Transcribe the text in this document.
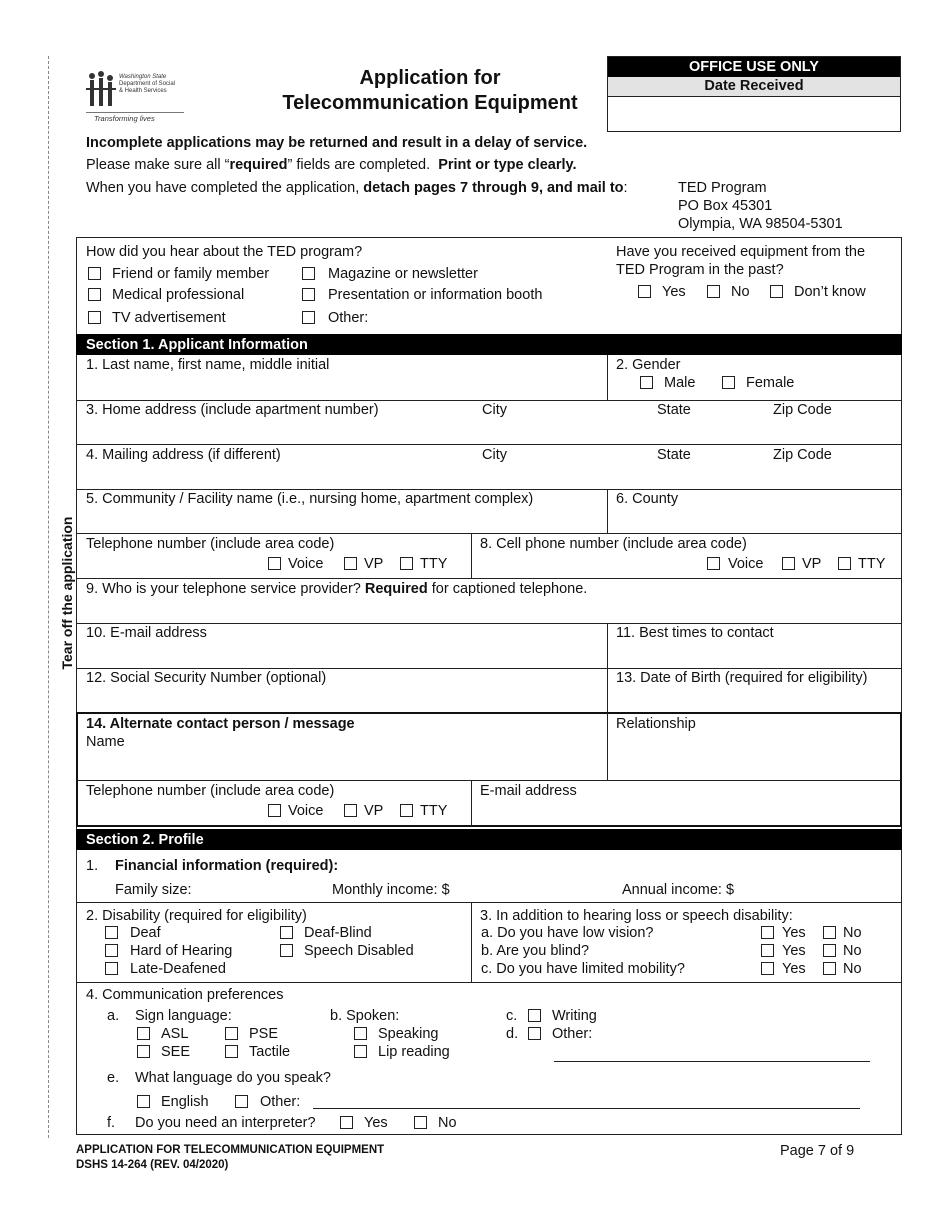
Tear off the application
Washington State
Department of Social
& Health Services
Transforming lives
Application for
Telecommunication Equipment
OFFICE USE ONLY
Date Received
Incomplete applications may be returned and result in a delay of service.
Please make sure all “required” fields are completed. Print or type clearly.
When you have completed the application, detach pages 7 through 9, and mail to:	TED Program
PO Box 45301
Olympia, WA 98504-5301
How did you hear about the TED program?
Friend or family member	Magazine or newsletter
Medical professional	Presentation or information booth
TV advertisement	Other:
Have you received equipment from the
TED Program in the past?
Yes	No	Don’t know
Section 1. Applicant Information
1. Last name, first name, middle initial	2. Gender
Male	Female
3. Home address (include apartment number)	City	State	Zip Code
4. Mailing address (if different)	City	State	Zip Code
5. Community / Facility name (i.e., nursing home, apartment complex)	6. County
Telephone number (include area code)
Voice	VP	TTY
8. Cell phone number (include area code)
Voice	VP	TTY
9. Who is your telephone service provider? Required for captioned telephone.
10. E-mail address	11. Best times to contact
12. Social Security Number (optional)	13. Date of Birth (required for eligibility)
14. Alternate contact person / message
Name
Relationship
Telephone number (include area code)
Voice	VP	TTY
E-mail address
Section 2. Profile
1. Financial information (required):
Family size:	Monthly income: $	Annual income: $
2. Disability (required for eligibility)
Deaf	Deaf-Blind
Hard of Hearing	Speech Disabled
Late-Deafened
3. In addition to hearing loss or speech disability:
a. Do you have low vision?	Yes	No
b. Are you blind?	Yes	No
c. Do you have limited mobility?	Yes	No
4. Communication preferences
a. Sign language:
ASL	PSE
SEE	Tactile
b. Spoken:
Speaking
Lip reading
c. Writing
d. Other:
e. What language do you speak?
English	Other:
f. Do you need an interpreter?	Yes	No
APPLICATION FOR TELECOMMUNICATION EQUIPMENT
DSHS 14-264 (REV. 04/2020)
Page 7 of 9
